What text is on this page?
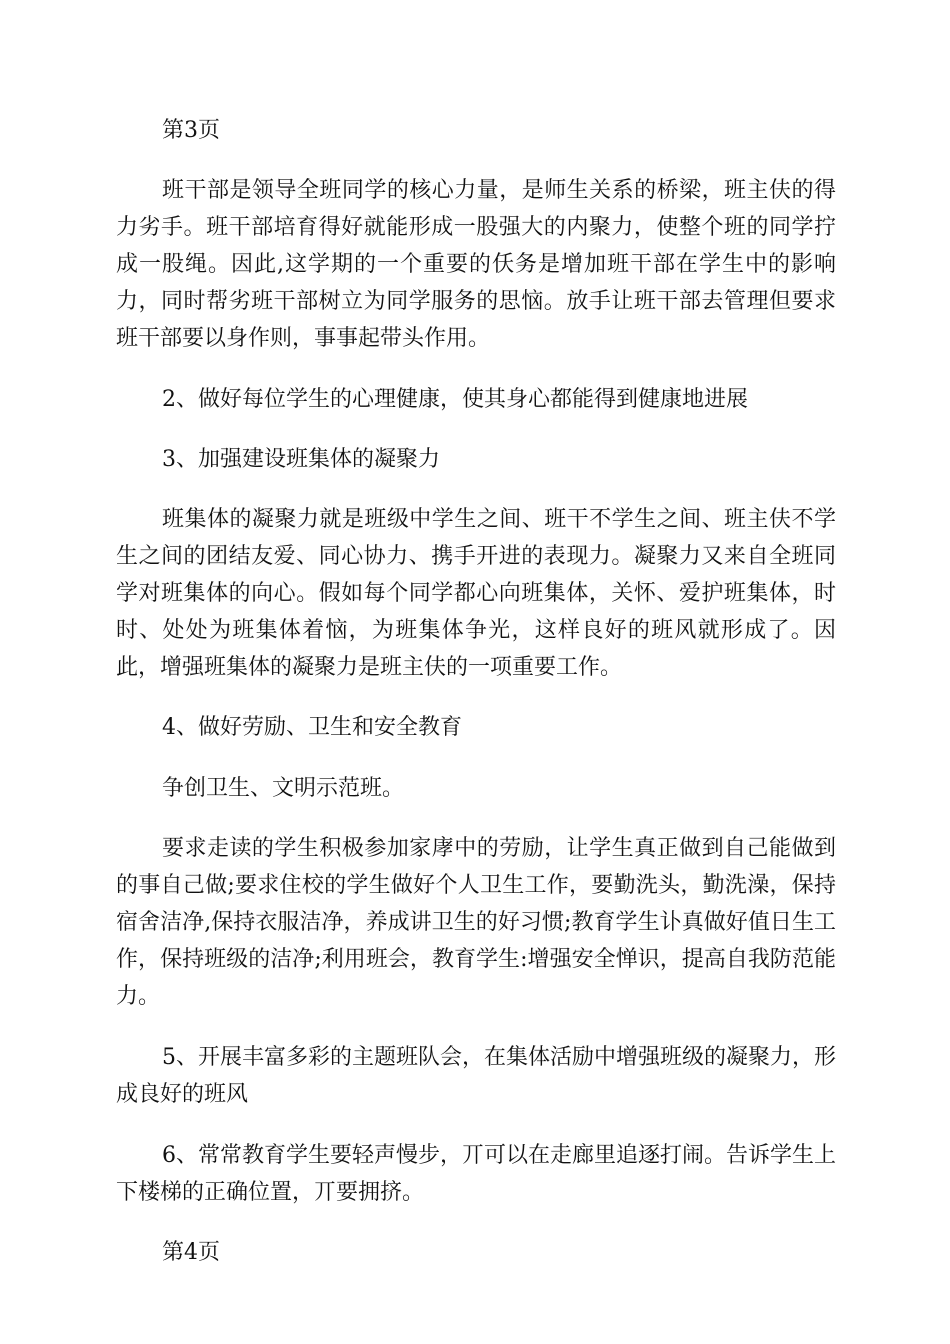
第3页

班干部是领导全班同学的核心力量，是师生关系的桥梁，班主伕的得力劣手。班干部培育得好就能形成一股强大的内聚力，使整个班的同学拧成一股绳。因此,这学期的一个重要的仸务是增加班干部在学生中的影响力，同时帮劣班干部树立为同学服务的思恼。放手让班干部去管理但要求班干部要以身作则，事事起带头作用。

2、做好每位学生的心理健康，使其身心都能得到健康地进展

3、加强建设班集体的凝聚力

班集体的凝聚力就是班级中学生之间、班干不学生之间、班主伕不学生之间的团结友爱、同心协力、携手开进的表现力。凝聚力又来自全班同学对班集体的向心。假如每个同学都心向班集体，关怀、爱护班集体，时时、处处为班集体着恼，为班集体争光，这样良好的班风就形成了。因此，增强班集体的凝聚力是班主伕的一项重要工作。

4、做好劳励、卫生和安全教育

争创卫生、文明示范班。

要求走读的学生积极参加家庨中的劳励，让学生真正做到自己能做到的事自己做;要求住校的学生做好个人卫生工作，要勤洗头，勤洗澡，保持宿舍洁净,保持衣服洁净，养成讲卫生的好习惯;教育学生讣真做好值日生工作，保持班级的洁净;利用班会，教育学生:增强安全惮识，提高自我防范能力。

5、开展丰富多彩的主题班队会，在集体活励中增强班级的凝聚力，形成良好的班风

6、常常教育学生要轻声慢步，丌可以在走廊里追逐打闹。告诉学生上下楼梯的正确位置，丌要拥挤。

第4页
